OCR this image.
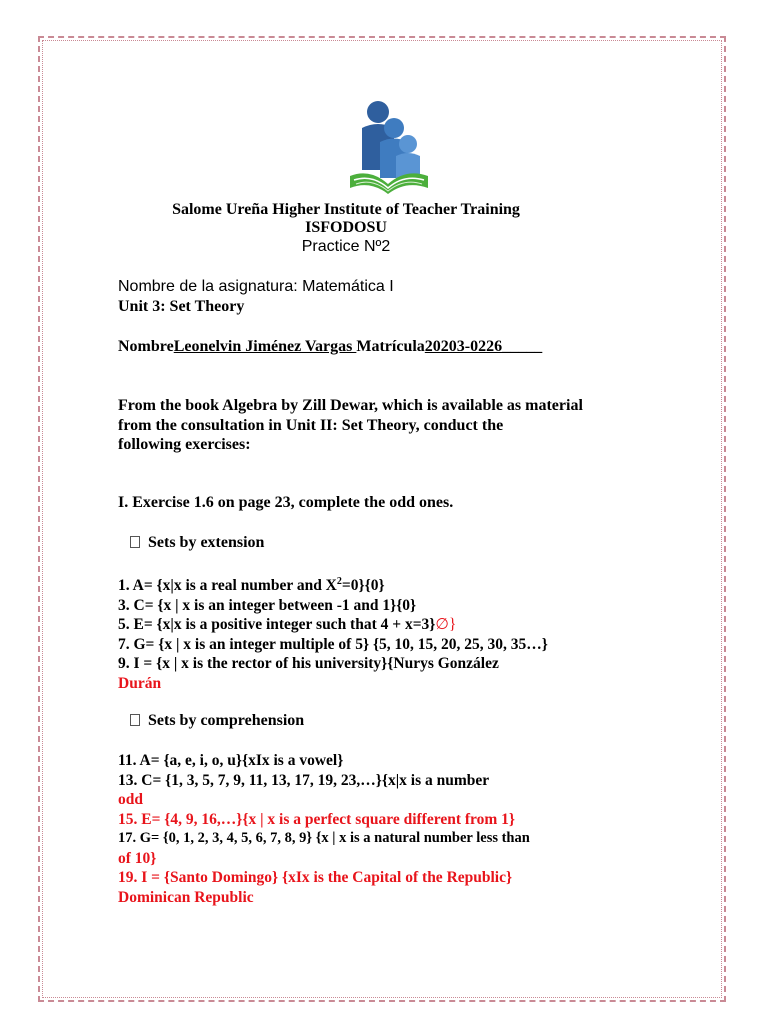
Salome Ureña Higher Institute of Teacher Training
ISFODOSU
Practice Nº2
Nombre de la asignatura: Matemática I
Unit 3: Set Theory
NombreLeonelvin Jiménez Vargas Matrícula20203-0226_____
From the book Algebra by Zill Dewar, which is available as material
from the consultation in Unit II: Set Theory, conduct the
following exercises:
I. Exercise 1.6 on page 23, complete the odd ones.
Sets by extension
1. A= {x|x is a real number and $X^2=0\}\{0\}$
3. C= {x | x is an integer between -1 and 1}{0}
5. E= {x|x is a positive integer such that 4 + x=3}∅}
7. G= {x | x is an integer multiple of 5} {5, 10, 15, 20, 25, 30, 35…}
9. I = {x | x is the rector of his university}{Nurys González
Durán
Sets by comprehension
11. A= {a, e, i, o, u}{xIx is a vowel}
13. C= {1, 3, 5, 7, 9, 11, 13, 17, 19, 23,…}{x|x is a number
odd
15. E= {4, 9, 16,…}{x | x is a perfect square different from 1}
17. G= {0, 1, 2, 3, 4, 5, 6, 7, 8, 9} {x | x is a natural number less than
of 10}
19. I = {Santo Domingo} {xIx is the Capital of the Republic}
Dominican Republic
